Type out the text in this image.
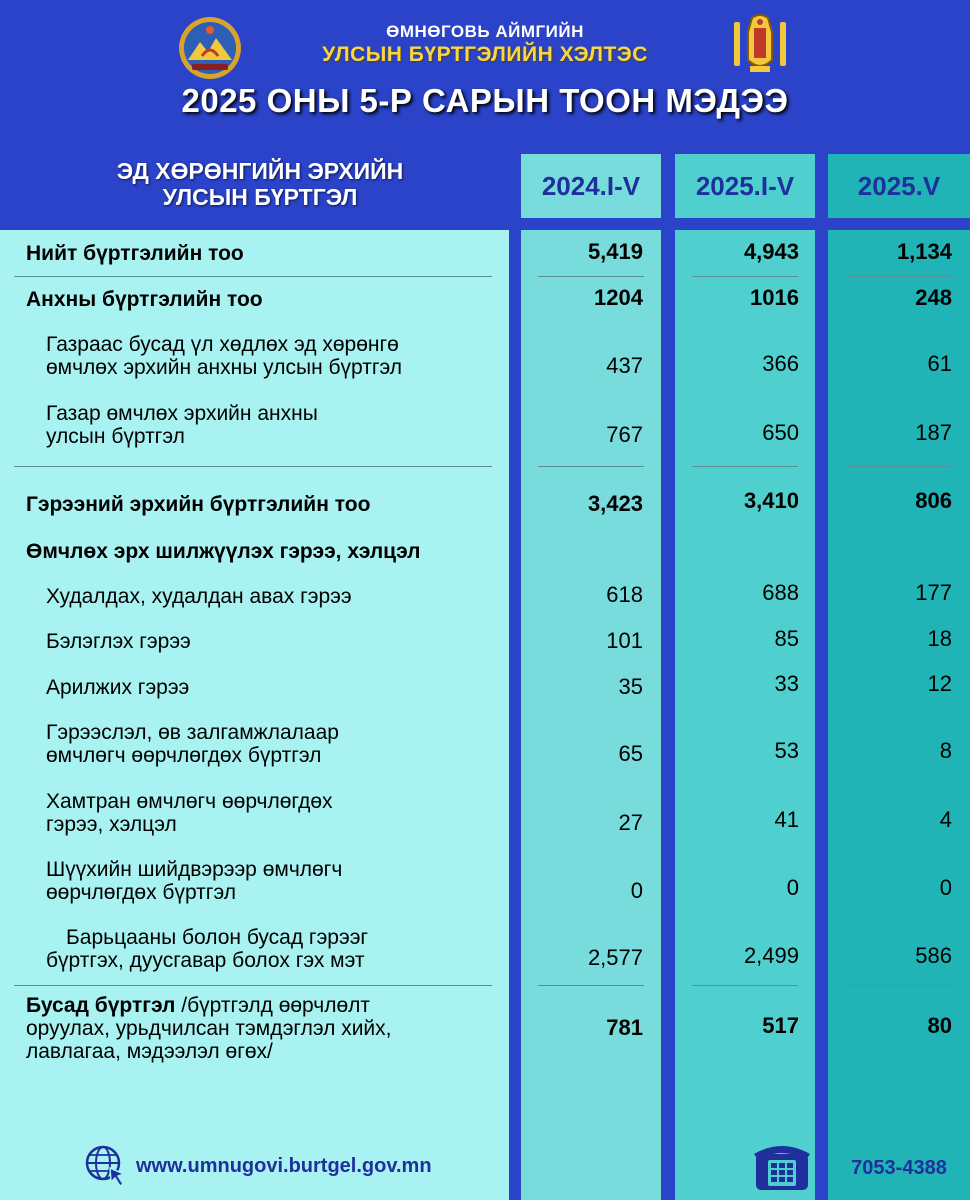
ӨМНӨГОВЬ АЙМГИЙН
УЛСЫН БҮРТГЭЛИЙН ХЭЛТЭС
2025 ОНЫ 5-Р САРЫН ТООН МЭДЭЭ
ЭД ХӨРӨНГИЙН ЭРХИЙН
УЛСЫН БҮРТГЭЛ	2024.I-V	2025.I-V	2025.V
Нийт бүртгэлийн тоо	5,419	4,943	1,134
Анхны бүртгэлийн тоо	1204	1016	248
Газраас бусад үл хөдлөх эд хөрөнгө
өмчлөх эрхийн анхны улсын бүртгэл	437	366	61
Газар өмчлөх эрхийн анхны
улсын бүртгэл	767	650	187
Гэрээний эрхийн бүртгэлийн тоо	3,423	3,410	806
Өмчлөх эрх шилжүүлэх гэрээ, хэлцэл
Худалдах, худалдан авах гэрээ	618	688	177
Бэлэглэх гэрээ	101	85	18
Арилжих гэрээ	35	33	12
Гэрээслэл, өв залгамжлалаар
өмчлөгч өөрчлөгдөх бүртгэл	65	53	8
Хамтран өмчлөгч өөрчлөгдөх
гэрээ, хэлцэл	27	41	4
Шүүхийн шийдвэрээр өмчлөгч
өөрчлөгдөх бүртгэл	0	0	0
Барьцааны болон бусад гэрээг
бүртгэх, дуусгавар болох гэх мэт	2,577	2,499	586
Бусад бүртгэл /бүртгэлд өөрчлөлт
оруулах, урьдчилсан тэмдэглэл хийх,
лавлагаа, мэдээлэл өгөх/
781	517	80
www.umnugovi.burtgel.gov.mn	7053-4388
